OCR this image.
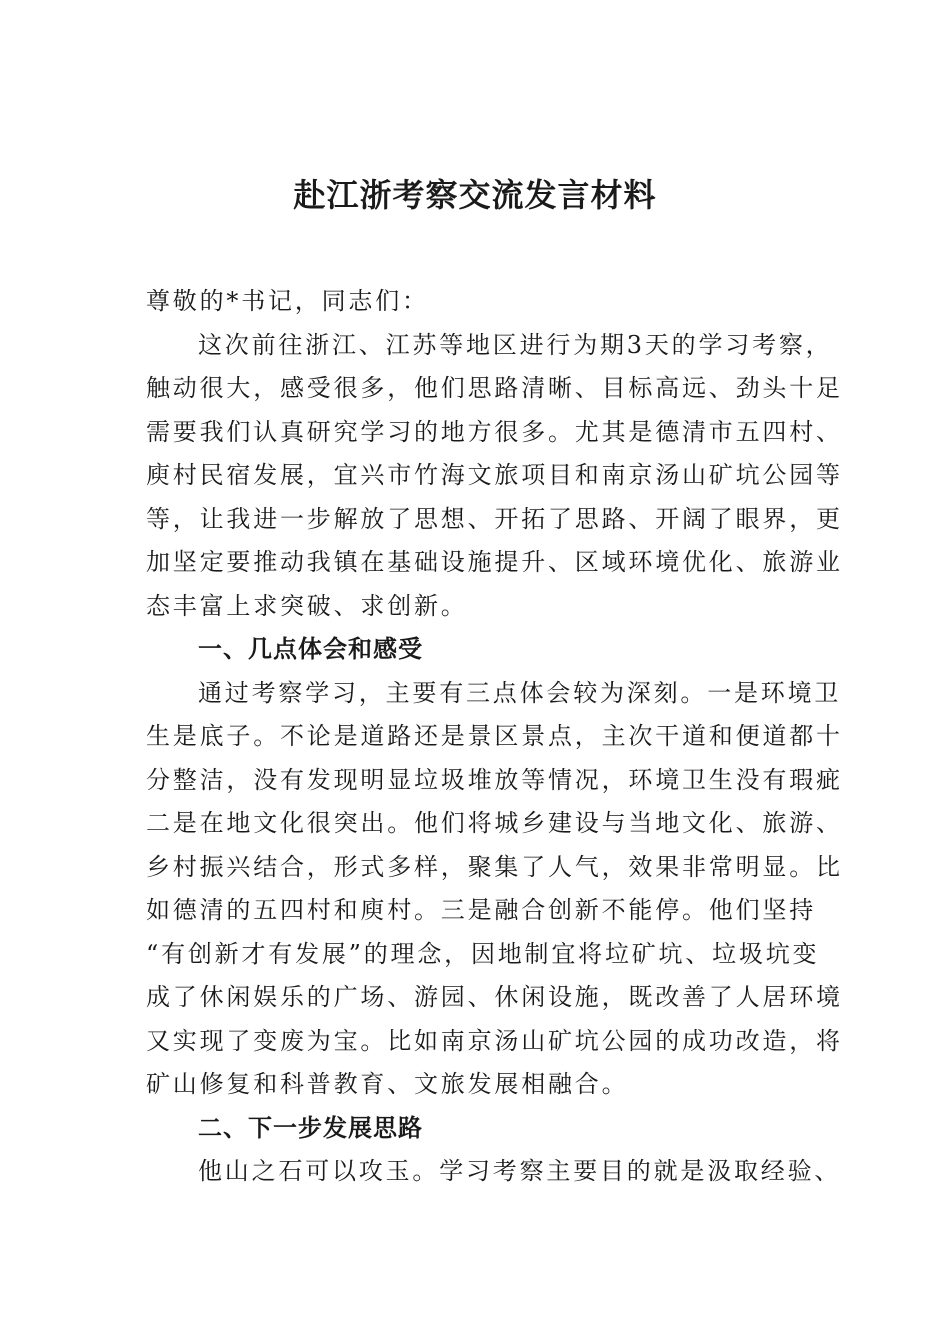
赴江浙考察交流发言材料
尊敬的*书记，同志们：
这次前往浙江、江苏等地区进行为期3天的学习考察，
触动很大，感受很多，他们思路清晰、目标高远、劲头十足
需要我们认真研究学习的地方很多。尤其是德清市五四村、
庾村民宿发展，宜兴市竹海文旅项目和南京汤山矿坑公园等
等，让我进一步解放了思想、开拓了思路、开阔了眼界，更
加坚定要推动我镇在基础设施提升、区域环境优化、旅游业
态丰富上求突破、求创新。
一、几点体会和感受
通过考察学习，主要有三点体会较为深刻。一是环境卫
生是底子。不论是道路还是景区景点，主次干道和便道都十
分整洁，没有发现明显垃圾堆放等情况，环境卫生没有瑕疵
二是在地文化很突出。他们将城乡建设与当地文化、旅游、
乡村振兴结合，形式多样，聚集了人气，效果非常明显。比
如德清的五四村和庾村。三是融合创新不能停。他们坚持
“有创新才有发展”的理念，因地制宜将垃矿坑、垃圾坑变
成了休闲娱乐的广场、游园、休闲设施，既改善了人居环境
又实现了变废为宝。比如南京汤山矿坑公园的成功改造，将
矿山修复和科普教育、文旅发展相融合。
二、下一步发展思路
他山之石可以攻玉。学习考察主要目的就是汲取经验、
